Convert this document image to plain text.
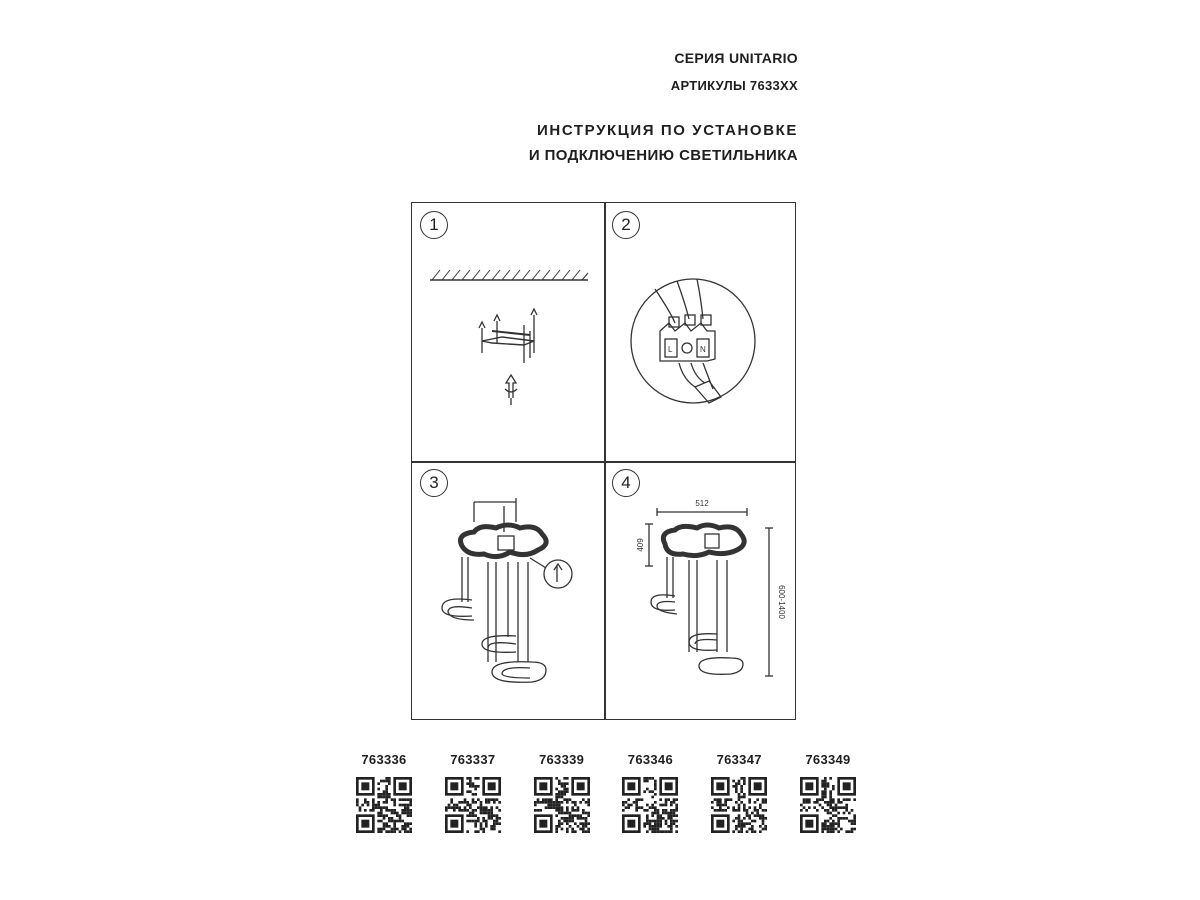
СЕРИЯ UNITARIO
АРТИКУЛЫ 7633XX
ИНСТРУКЦИЯ ПО УСТАНОВКЕ
И ПОДКЛЮЧЕНИЮ СВЕТИЛЬНИКА
1	2
L	N
3	4
512
409
600-1400
763336	763337	763339	763346	763347	763349
